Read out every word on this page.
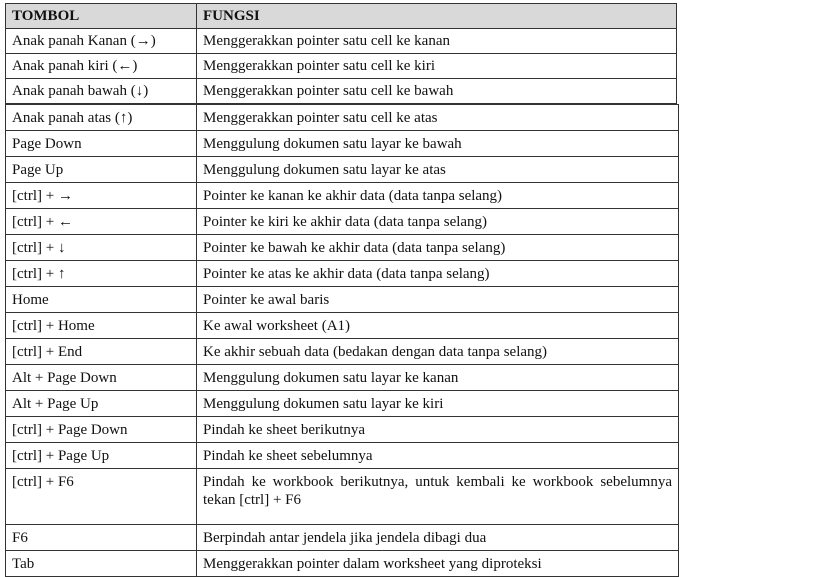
TOMBOL	FUNGSI
Anak panah Kanan (→)	Menggerakkan pointer satu cell ke kanan
Anak panah kiri (←)	Menggerakkan pointer satu cell ke kiri
Anak panah bawah (↓)	Menggerakkan pointer satu cell ke bawah
Anak panah atas (↑)	Menggerakkan pointer satu cell ke atas
Page Down	Menggulung dokumen satu layar ke bawah
Page Up	Menggulung dokumen satu layar ke atas
[ctrl] + →	Pointer ke kanan ke akhir data (data tanpa selang)
[ctrl] + ←	Pointer ke kiri ke akhir data (data tanpa selang)
[ctrl] + ↓	Pointer ke bawah ke akhir data (data tanpa selang)
[ctrl] + ↑	Pointer ke atas ke akhir data (data tanpa selang)
Home	Pointer ke awal baris
[ctrl] + Home	Ke awal worksheet (A1)
[ctrl] + End	Ke akhir sebuah data (bedakan dengan data tanpa selang)
Alt + Page Down	Menggulung dokumen satu layar ke kanan
Alt + Page Up	Menggulung dokumen satu layar ke kiri
[ctrl] + Page Down	Pindah ke sheet berikutnya
[ctrl] + Page Up	Pindah ke sheet sebelumnya
[ctrl] + F6	Pindah ke workbook berikutnya, untuk kembali ke workbook sebelumnya tekan [ctrl] + F6
F6	Berpindah antar jendela jika jendela dibagi dua
Tab	Menggerakkan pointer dalam worksheet yang diproteksi
